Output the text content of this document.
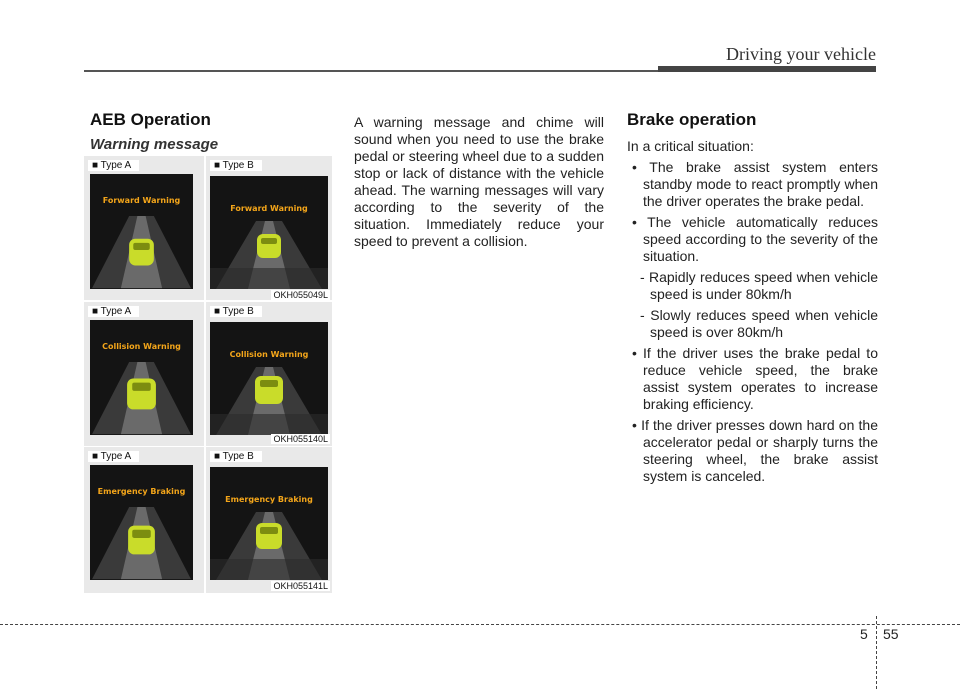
Driving your vehicle
AEB Operation
Warning message
■ Type A	■ Type B
Forward Warning
Forward Warning
OKH055049L
■ Type A	■ Type B
Collision Warning
Collision Warning
OKH055140L
■ Type A	■ Type B
Emergency Braking
Emergency Braking
OKH055141L
A warning message and chime will sound when you need to use the brake pedal or steering wheel due to a sudden stop or lack of distance with the vehicle ahead. The warning messages will vary according to the severity of the situation. Immediately reduce your speed to prevent a collision.
Brake operation

In a critical situation:

• The brake assist system enters standby mode to react promptly when the driver operates the brake pedal.

• The vehicle automatically reduces speed according to the severity of the situation.

- Rapidly reduces speed when vehicle speed is under 80km/h

- Slowly reduces speed when vehicle speed is over 80km/h

• If the driver uses the brake pedal to reduce vehicle speed, the brake assist system operates to increase braking efficiency.

• If the driver presses down hard on the accelerator pedal or sharply turns the steering wheel, the brake assist system is canceled.

5 55
